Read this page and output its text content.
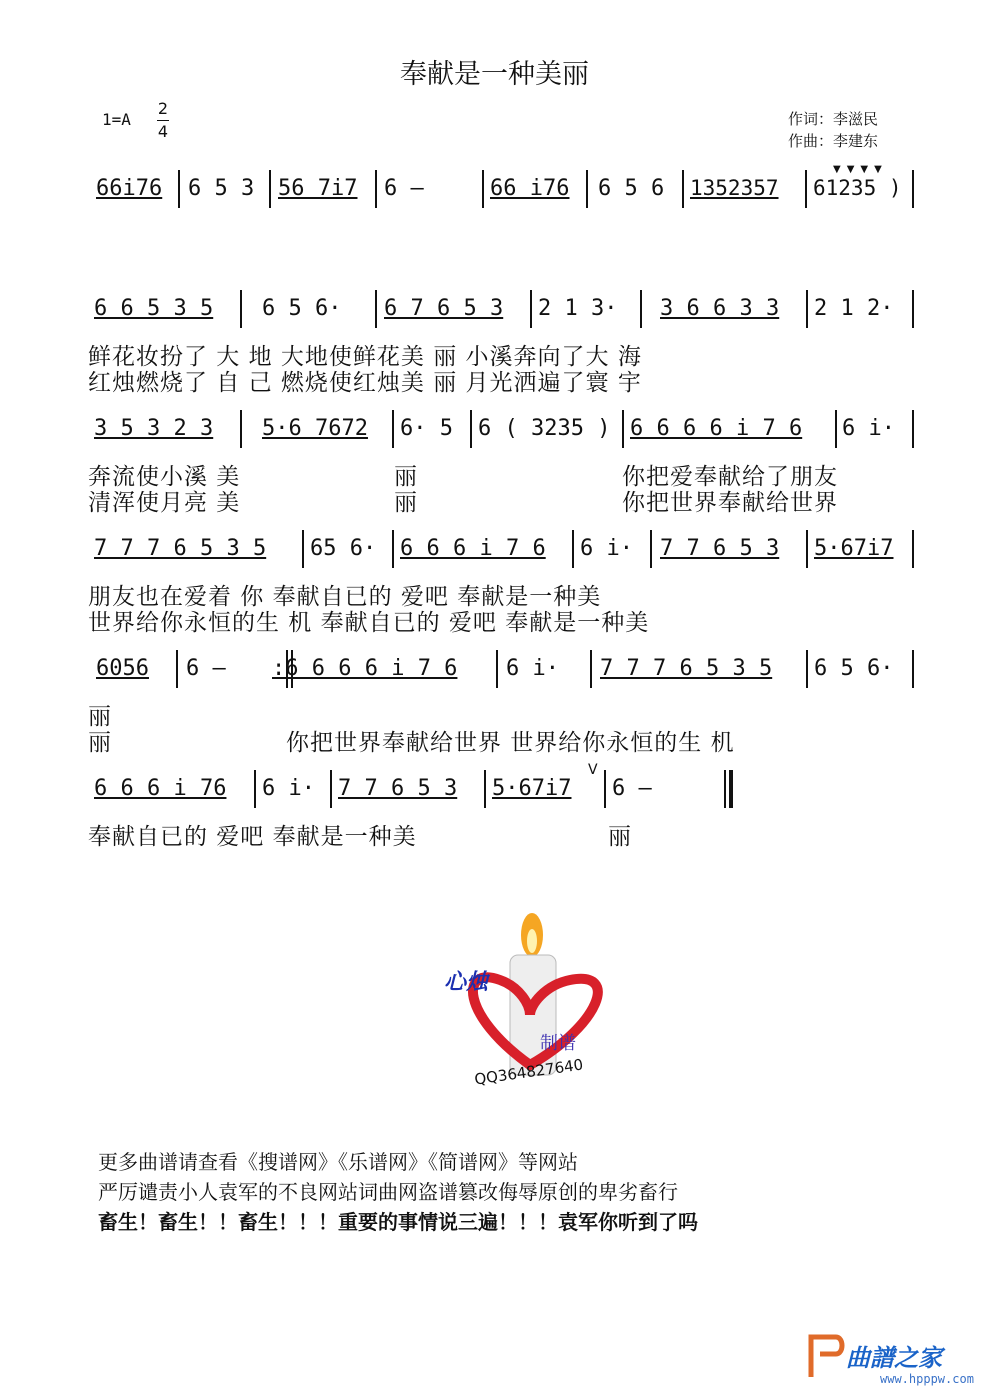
奉献是一种美丽
1=A
2
4
作词：李滋民
作曲：李建东
66i76 6 5 3 56 7i7 6 –	66 i76 6 5 6 1352357 61235 )
▼▼▼▼
6 6 5 3 5 6 5 6· 6 7 6 5 3 2 1 3· 3 6 6 3 3 2 1 2·
鲜花妆扮了 大 地 大地使鲜花美 丽 小溪奔向了大 海
红烛燃烧了 自 己 燃烧使红烛美 丽 月光洒遍了寰 宇
3 5 3 2 3 5·6 7672 6· 5 6 ( 3235 ) 6 6 6 6 i 7 6 6 i·
奔流使小溪 美	丽	你把爱奉献给了朋友
清浑使月亮 美	丽	你把世界奉献给世界
7 7 7 6 5 3 5 65 6· 6 6 6 i 7 6 6 i· 7 7 6 5 3 5·67i7
朋友也在爱着 你 奉献自已的 爱吧 奉献是一种美
世界给你永恒的生 机 奉献自已的 爱吧 奉献是一种美
6056 6 – :6 6 6 6 i 7 6 6 i· 7 7 7 6 5 3 5 6 5 6·
丽
丽	你把世界奉献给世界 世界给你永恒的生 机
6 6 6 i 76 6 i· 7 7 6 5 3 5·67i7
V
6 –
奉献自已的 爱吧 奉献是一种美	丽
心烛
制谱
QQ364827640
更多曲谱请查看《搜谱网》《乐谱网》《简谱网》等网站
严厉谴责小人袁军的不良网站词曲网盗谱篡改侮辱原创的卑劣畜行
畜生！畜生！！畜生！！！重要的事情说三遍！！！袁军你听到了吗
曲譜之家
www.hpppw.com
